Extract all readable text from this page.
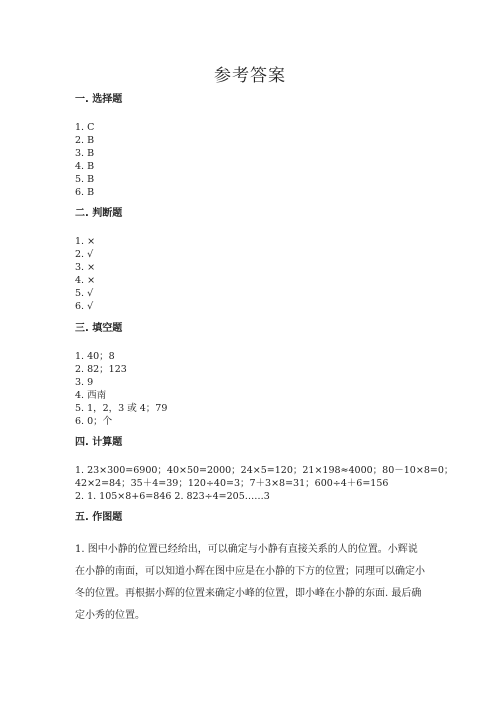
参考答案

一. 选择题

1. C
2. B
3. B
4. B
5. B
6. B

二. 判断题

1. ×
2. √
3. ×
4. ×
5. √
6. √

三. 填空题

1. 40；8
2. 82；123
3. 9
4. 西南
5. 1，2，3 或 4；79
6. 0；个

四. 计算题

1. 23×300=6900；40×50=2000；24×5=120；21×198≈4000；80－10×8=0；
42×2=84；35＋4=39；120÷40=3；7＋3×8=31；600÷4＋6=156
2. 1. 105×8+6=846 2. 823÷4=205……3

五. 作图题

1. 图中小静的位置已经给出，可以确定与小静有直接关系的人的位置。小辉说在小静的南面，可以知道小辉在图中应是在小静的下方的位置；同理可以确定小冬的位置。再根据小辉的位置来确定小峰的位置，即小峰在小静的东面. 最后确定小秀的位置。
